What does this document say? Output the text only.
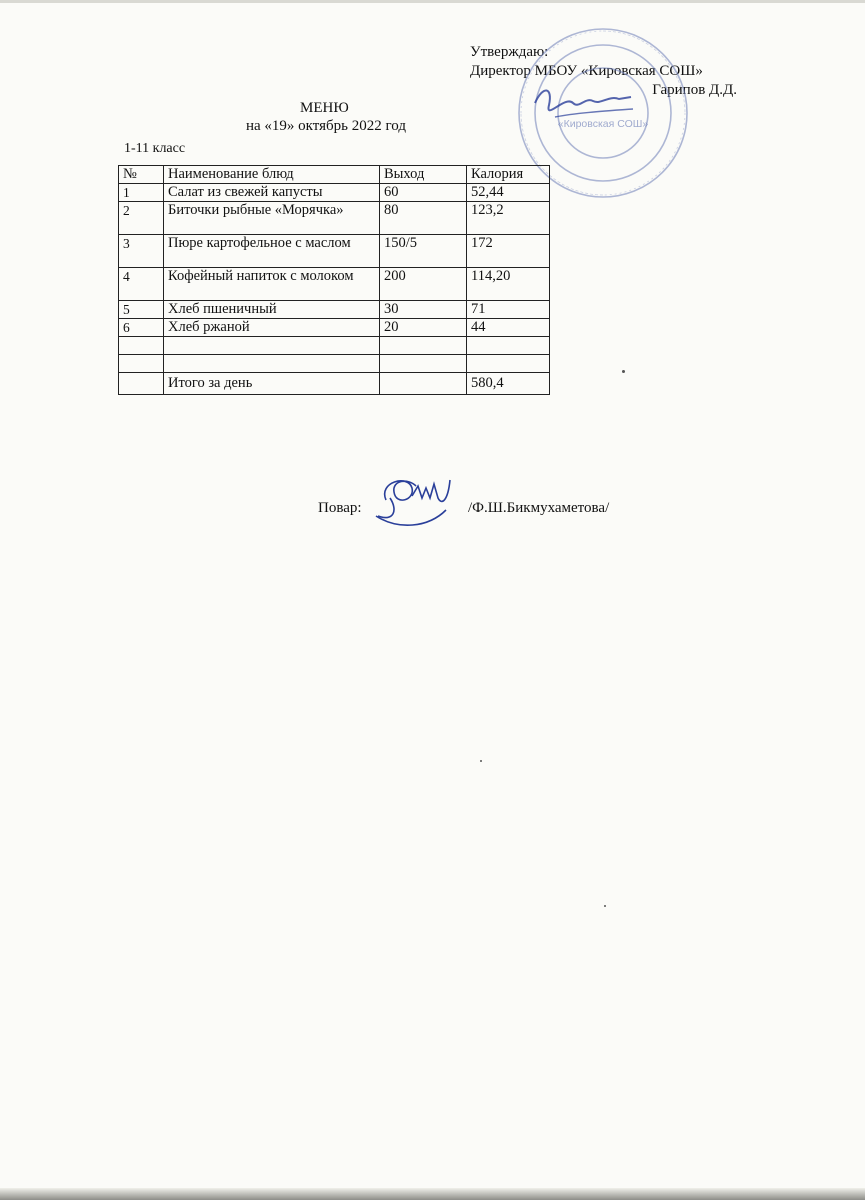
Утверждаю:
Директор МБОУ «Кировская СОШ»
Гарипов Д.Д.
«Кировская СОШ»
МЕНЮ
на «19» октябрь 2022 год
1-11 класс
№	Наименование блюд	Выход	Калория
1	Салат из свежей капусты	60	52,44
2	Биточки рыбные «Морячка»	80	123,2
3	Пюре картофельное с маслом	150/5	172
4	Кофейный напиток с молоком	200	114,20
5	Хлеб пшеничный	30	71
6	Хлеб ржаной	20	44

	Итого за день		580,4
Повар:	/Ф.Ш.Бикмухаметова/
